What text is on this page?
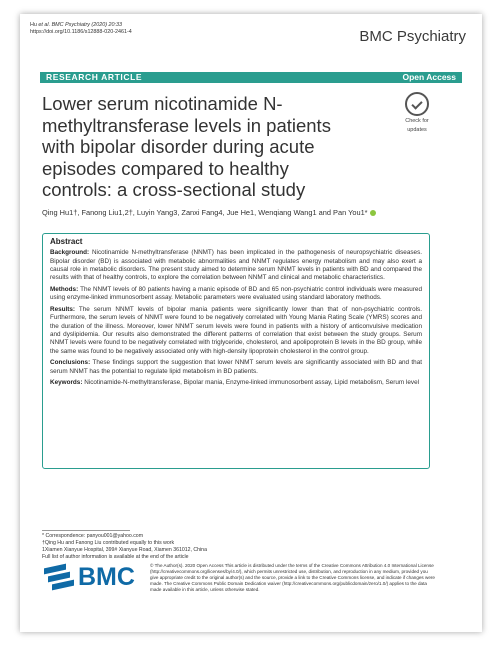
Hu et al. BMC Psychiatry (2020) 20:33
https://doi.org/10.1186/s12888-020-2461-4	BMC Psychiatry
RESEARCH ARTICLE	Open Access
Lower serum nicotinamide N-methyltransferase levels in patients with bipolar disorder during acute episodes compared to healthy controls: a cross-sectional study
Check for
updates
Qing Hu1†, Fanong Liu1,2†, Luyin Yang3, Zanxi Fang4, Jue He1, Wenqiang Wang1 and Pan You1*
Abstract

Background: Nicotinamide N-methyltransferase (NNMT) has been implicated in the pathogenesis of neuropsychiatric diseases. Bipolar disorder (BD) is associated with metabolic abnormalities and NNMT regulates energy metabolism and may also exert a causal role in metabolic disorders. The present study aimed to determine serum NNMT levels in patients with BD and compared the results with that of healthy controls, to explore the correlation between NNMT and clinical and metabolic characteristics.

Methods: The NNMT levels of 80 patients having a manic episode of BD and 65 non-psychiatric control individuals were measured using enzyme-linked immunosorbent assay. Metabolic parameters were evaluated using standard laboratory methods.

Results: The serum NNMT levels of bipolar mania patients were significantly lower than that of non-psychiatric controls. Furthermore, the serum levels of NNMT were found to be negatively correlated with Young Mania Rating Scale (YMRS) scores and the duration of the illness. Moreover, lower NNMT serum levels were found in patients with a history of anticonvulsive medication and dyslipidemia. Our results also demonstrated the different patterns of correlation that exist between the study groups. Serum NNMT levels were found to be negatively correlated with triglyceride, cholesterol, and apolipoprotein B levels in the BD group, while the same was found to be negatively associated only with high-density lipoprotein cholesterol in the control group.

Conclusions: These findings support the suggestion that lower NNMT serum levels are significantly associated with BD and that serum NNMT has the potential to regulate lipid metabolism in BD patients.

Keywords: Nicotinamide-N-methyltransferase, Bipolar mania, Enzyme-linked immunosorbent assay, Lipid metabolism, Serum level

* Correspondence: panyou001@yahoo.com
†Qing Hu and Fanong Liu contributed equally to this work
1Xiamen Xianyue Hospital, 399# Xianyue Road, Xiamen 361012, China
Full list of author information is available at the end of the article
BMC	© The Author(s). 2020 Open Access This article is distributed under the terms of the Creative Commons Attribution 4.0 International License (http://creativecommons.org/licenses/by/4.0/), which permits unrestricted use, distribution, and reproduction in any medium, provided you give appropriate credit to the original author(s) and the source, provide a link to the Creative Commons license, and indicate if changes were made. The Creative Commons Public Domain Dedication waiver (http://creativecommons.org/publicdomain/zero/1.0/) applies to the data made available in this article, unless otherwise stated.
